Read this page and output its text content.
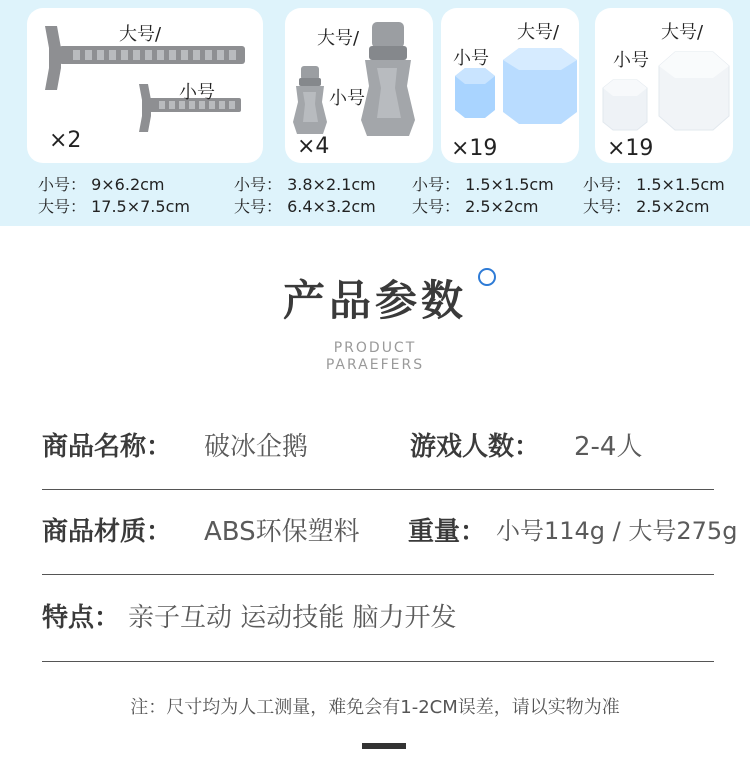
大号/
小号
×2
大号/
小号
×4
小号
大号/
×19
小号
大号/
×19
小号： 9×6.2cm
大号： 17.5×7.5cm
小号： 3.8×2.1cm
大号： 6.4×3.2cm
小号： 1.5×1.5cm
大号： 2.5×2cm
小号： 1.5×1.5cm
大号： 2.5×2cm
产品参数
PRODUCT
PARAEFERS
商品名称： 破冰企鹅	游戏人数： 2-4人
商品材质： ABS环保塑料 重量： 小号114g / 大号275g
特点： 亲子互动 运动技能 脑力开发
注：尺寸均为人工测量，难免会有1-2CM误差，请以实物为准
